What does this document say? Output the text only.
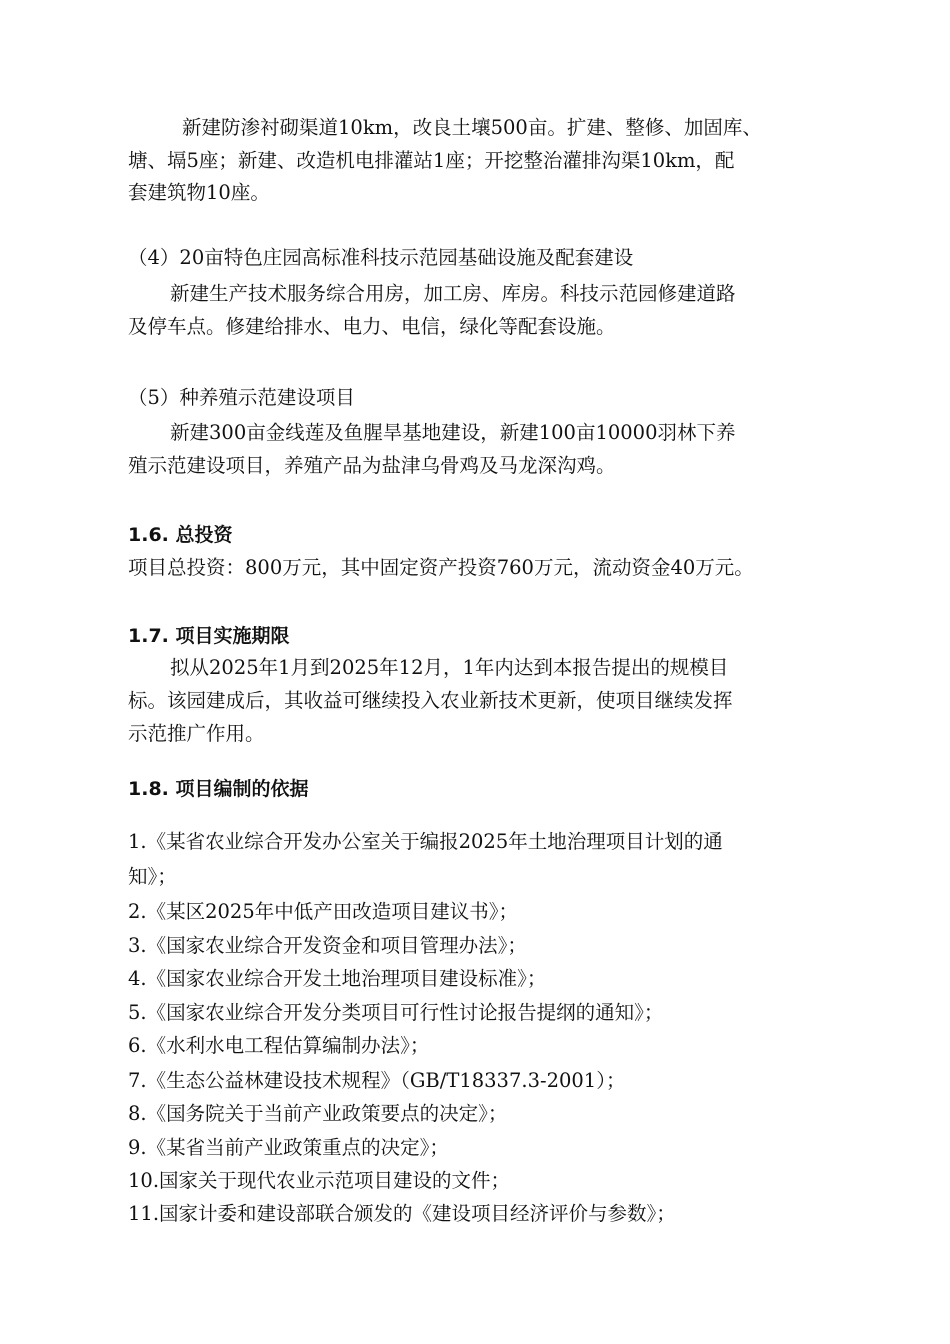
新建防渗衬砌渠道10km，改良土壤500亩。扩建、整修、加固库、
塘、塥5座；新建、改造机电排灌站1座；开挖整治灌排沟渠10km，配
套建筑物10座。
（4）20亩特色庄园高标准科技示范园基础设施及配套建设
新建生产技术服务综合用房，加工房、库房。科技示范园修建道路
及停车点。修建给排水、电力、电信，绿化等配套设施。
（5）种养殖示范建设项目
新建300亩金线莲及鱼腥旱基地建设，新建100亩10000羽林下养
殖示范建设项目，养殖产品为盐津乌骨鸡及马龙深沟鸡。
1.6. 总投资
项目总投资：800万元，其中固定资产投资760万元，流动资金40万元。
1.7. 项目实施期限
拟从2025年1月到2025年12月，1年内达到本报告提出的规模目
标。该园建成后，其收益可继续投入农业新技术更新，使项目继续发挥
示范推广作用。
1.8. 项目编制的依据
1.《某省农业综合开发办公室关于编报2025年土地治理项目计划的通
知》；
2.《某区2025年中低产田改造项目建议书》；
3.《国家农业综合开发资金和项目管理办法》；
4.《国家农业综合开发土地治理项目建设标准》；
5.《国家农业综合开发分类项目可行性讨论报告提纲的通知》；
6.《水利水电工程估算编制办法》；
7.《生态公益林建设技术规程》（GB/T18337.3-2001）；
8.《国务院关于当前产业政策要点的决定》；
9.《某省当前产业政策重点的决定》；
10.国家关于现代农业示范项目建设的文件；
11.国家计委和建设部联合颁发的《建设项目经济评价与参数》；
